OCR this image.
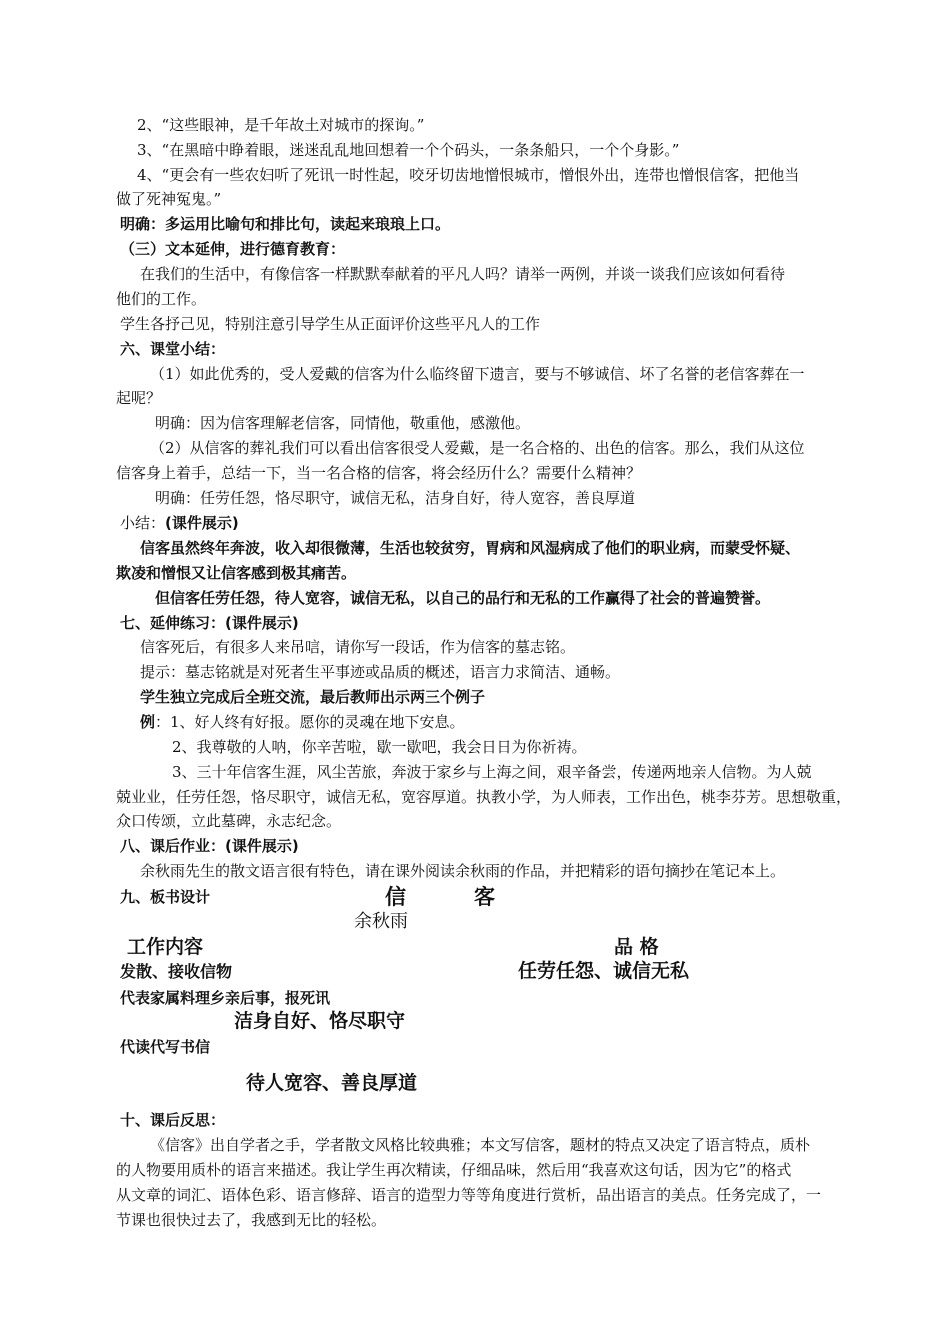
2、“这些眼神，是千年故土对城市的探询。”
3、“在黑暗中睁着眼，迷迷乱乱地回想着一个个码头，一条条船只，一个个身影。”
4、“更会有一些农妇听了死讯一时性起，咬牙切齿地憎恨城市，憎恨外出，连带也憎恨信客，把他当
做了死神冤鬼。”
明确：多运用比喻句和排比句，读起来琅琅上口。
（三）文本延伸，进行德育教育：
在我们的生活中，有像信客一样默默奉献着的平凡人吗？请举一两例，并谈一谈我们应该如何看待
他们的工作。
学生各抒己见，特别注意引导学生从正面评价这些平凡人的工作
六、课堂小结：
（1）如此优秀的，受人爱戴的信客为什么临终留下遗言，要与不够诚信、坏了名誉的老信客葬在一
起呢？
明确：因为信客理解老信客，同情他，敬重他，感激他。
（2）从信客的葬礼我们可以看出信客很受人爱戴，是一名合格的、出色的信客。那么，我们从这位
信客身上着手，总结一下，当一名合格的信客，将会经历什么？需要什么精神？
明确：任劳任怨，恪尽职守，诚信无私，洁身自好，待人宽容，善良厚道
小结：(课件展示)
信客虽然终年奔波，收入却很微薄，生活也较贫穷，胃病和风湿病成了他们的职业病，而蒙受怀疑、
欺凌和憎恨又让信客感到极其痛苦。
但信客任劳任怨，待人宽容，诚信无私，以自己的品行和无私的工作赢得了社会的普遍赞誉。
七、延伸练习：(课件展示)
信客死后，有很多人来吊唁，请你写一段话，作为信客的墓志铭。
提示：墓志铭就是对死者生平事迹或品质的概述，语言力求简洁、通畅。
学生独立完成后全班交流，最后教师出示两三个例子
例：1、好人终有好报。愿你的灵魂在地下安息。
2、我尊敬的人呐，你辛苦啦，歇一歇吧，我会日日为你祈祷。
3、三十年信客生涯，风尘苦旅，奔波于家乡与上海之间，艰辛备尝，传递两地亲人信物。为人兢
兢业业，任劳任怨，恪尽职守，诚信无私，宽容厚道。执教小学，为人师表，工作出色，桃李芬芳。思想敬重，
众口传颂，立此墓碑，永志纪念。
八、课后作业：(课件展示)
余秋雨先生的散文语言很有特色，请在课外阅读余秋雨的作品，并把精彩的语句摘抄在笔记本上。
九、板书设计	信	客
余秋雨
工作内容	品 格
发散、接收信物	任劳任怨、诚信无私
代表家属料理乡亲后事，报死讯
洁身自好、恪尽职守
代读代写书信
待人宽容、善良厚道
十、课后反思：
《信客》出自学者之手，学者散文风格比较典雅；本文写信客，题材的特点又决定了语言特点，质朴
的人物要用质朴的语言来描述。我让学生再次精读，仔细品味，然后用“我喜欢这句话，因为它”的格式
从文章的词汇、语体色彩、语言修辞、语言的造型力等等角度进行赏析，品出语言的美点。任务完成了，一
节课也很快过去了，我感到无比的轻松。
